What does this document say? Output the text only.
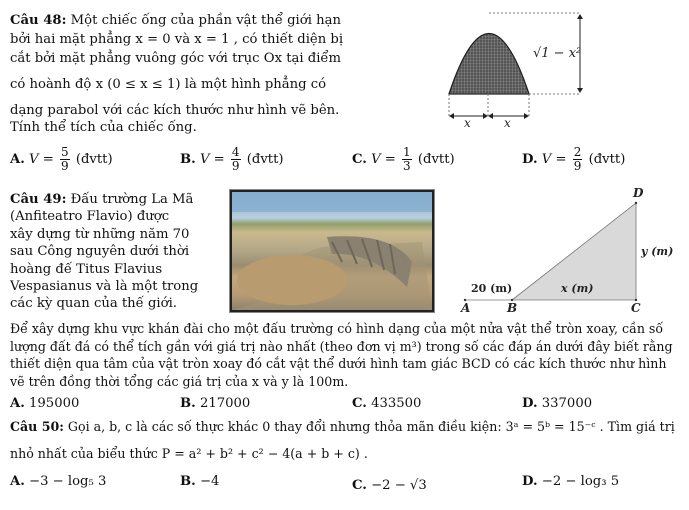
Câu 48: Một chiếc ống của phần vật thể giới hạn
bởi hai mặt phẳng x = 0 và x = 1 , có thiết diện bị
cắt bởi mặt phẳng vuông góc với trục Ox tại điểm
có hoành độ x (0 ≤ x ≤ 1) là một hình phẳng có
dạng parabol với các kích thước như hình vẽ bên.
Tính thể tích của chiếc ống.
√1 − x²
x	x
A. $V = \frac{5}{9}$ (đvtt)	B. $V = \frac{4}{9}$ (đvtt)	C. $V = \frac{1}{3}$ (đvtt)	D. $V = \frac{2}{9}$ (đvtt)
Câu 49: Đấu trường La Mã
(Anfiteatro Flavio) được
xây dựng từ những năm 70
sau Công nguyên dưới thời
hoàng đế Titus Flavius
Vespasianus và là một trong
các kỳ quan của thế giới.
D
A	B	C
20 (m)	x (m)
y (m)
Để xây dựng khu vực khán đài cho một đấu trường có hình dạng của một nửa vật thể tròn xoay, cần số
lượng đất đá có thể tích gần với giá trị nào nhất (theo đơn vị m³) trong số các đáp án dưới đây biết rằng
thiết diện qua tâm của vật tròn xoay đó cắt vật thể dưới hình tam giác BCD có các kích thước như hình
vẽ trên đồng thời tổng các giá trị của x và y là 100m.
A. 195000	B. 217000	C. 433500	D. 337000
Câu 50: Gọi a, b, c là các số thực khác 0 thay đổi nhưng thỏa mãn điều kiện: 3ᵃ = 5ᵇ = 15⁻ᶜ . Tìm giá trị
nhỏ nhất của biểu thức P = a² + b² + c² − 4(a + b + c) .
A. −3 − log₅ 3	B. −4	C. −2 − √3	D. −2 − log₃ 5
